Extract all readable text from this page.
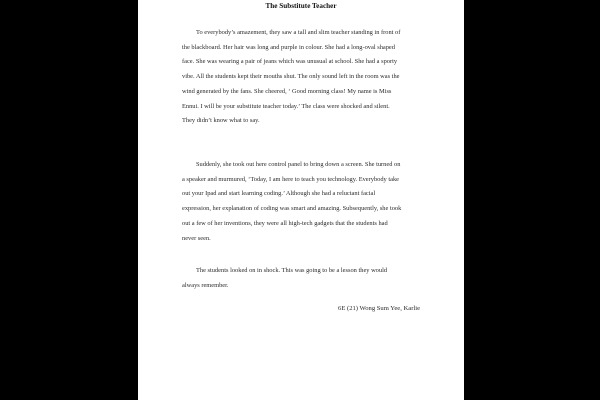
The Substitute Teacher

To everybody’s amazement, they saw a tall and slim teacher standing in front of
the blackboard. Her hair was long and purple in colour. She had a long-oval shaped
face. She was wearing a pair of jeans which was unusual at school. She had a sporty
vibe. All the students kept their mouths shut. The only sound left in the room was the
wind generated by the fans. She cheered, ‘ Good morning class! My name is Miss
Ennui. I will be your substitute teacher today.’ The class were shocked and silent.
They didn’t know what to say.

Suddenly, she took out here control panel to bring down a screen. She turned on
a speaker and murmured, ‘Today, I am here to teach you technology. Everybody take
out your Ipad and start learning coding.’ Although she had a reluctant facial
expression, her explanation of coding was smart and amazing. Subsequently, she took
out a few of her inventions, they were all high-tech gadgets that the students had
never seen.

The students looked on in shock. This was going to be a lesson they would
always remember.

6E (21) Wong Sum Yee, Karlie
